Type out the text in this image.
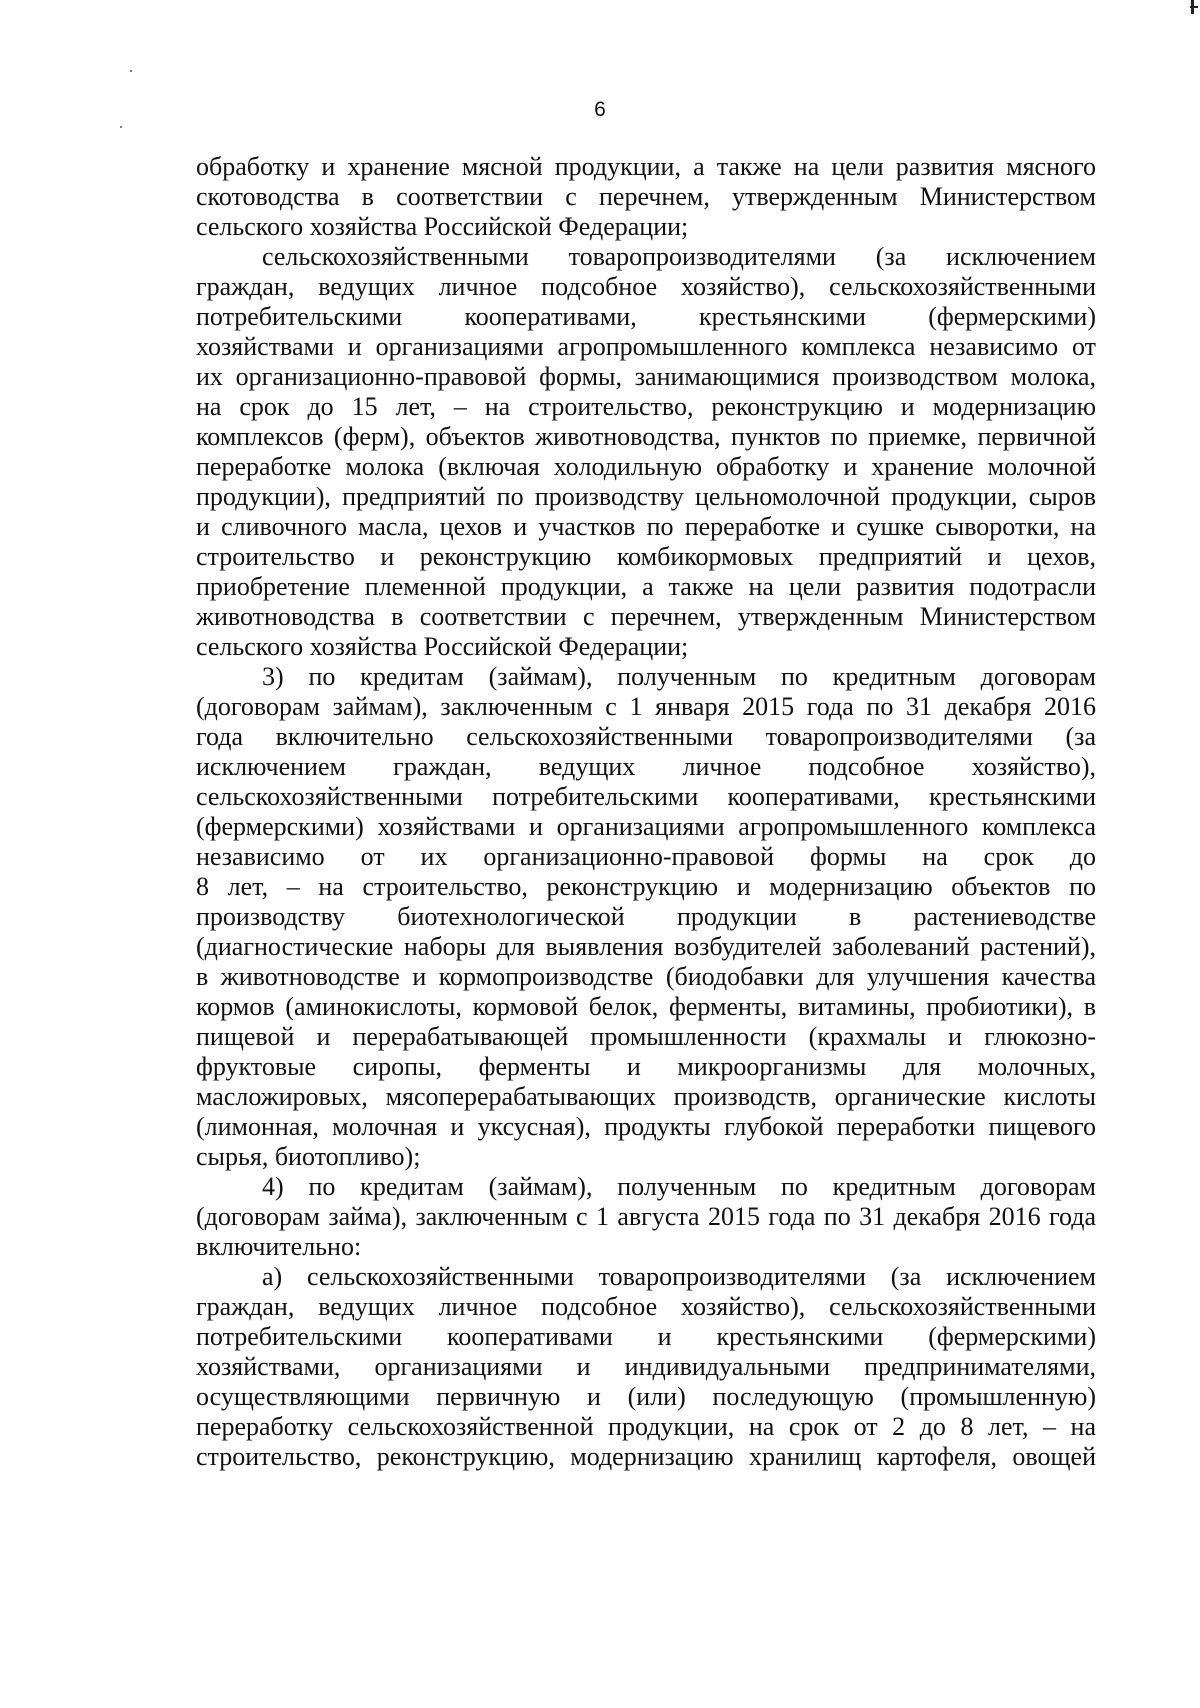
6
обработку и хранение мясной продукции, а также на цели развития мясного
скотоводства в соответствии с перечнем, утвержденным Министерством
сельского хозяйства Российской Федерации;
сельскохозяйственными товаропроизводителями (за исключением
граждан, ведущих личное подсобное хозяйство), сельскохозяйственными
потребительскими кооперативами, крестьянскими (фермерскими)
хозяйствами и организациями агропромышленного комплекса независимо от
их организационно-правовой формы, занимающимися производством молока,
на срок до 15 лет, – на строительство, реконструкцию и модернизацию
комплексов (ферм), объектов животноводства, пунктов по приемке, первичной
переработке молока (включая холодильную обработку и хранение молочной
продукции), предприятий по производству цельномолочной продукции, сыров
и сливочного масла, цехов и участков по переработке и сушке сыворотки, на
строительство и реконструкцию комбикормовых предприятий и цехов,
приобретение племенной продукции, а также на цели развития подотрасли
животноводства в соответствии с перечнем, утвержденным Министерством
сельского хозяйства Российской Федерации;
3) по кредитам (займам), полученным по кредитным договорам
(договорам займам), заключенным с 1 января 2015 года по 31 декабря 2016
года включительно сельскохозяйственными товаропроизводителями (за
исключением граждан, ведущих личное подсобное хозяйство),
сельскохозяйственными потребительскими кооперативами, крестьянскими
(фермерскими) хозяйствами и организациями агропромышленного комплекса
независимо от их организационно-правовой формы на срок до
8 лет, – на строительство, реконструкцию и модернизацию объектов по
производству биотехнологической продукции в растениеводстве
(диагностические наборы для выявления возбудителей заболеваний растений),
в животноводстве и кормопроизводстве (биодобавки для улучшения качества
кормов (аминокислоты, кормовой белок, ферменты, витамины, пробиотики), в
пищевой и перерабатывающей промышленности (крахмалы и глюкозно-
фруктовые сиропы, ферменты и микроорганизмы для молочных,
масложировых, мясоперерабатывающих производств, органические кислоты
(лимонная, молочная и уксусная), продукты глубокой переработки пищевого
сырья, биотопливо);
4) по кредитам (займам), полученным по кредитным договорам
(договорам займа), заключенным с 1 августа 2015 года по 31 декабря 2016 года
включительно:
а) сельскохозяйственными товаропроизводителями (за исключением
граждан, ведущих личное подсобное хозяйство), сельскохозяйственными
потребительскими кооперативами и крестьянскими (фермерскими)
хозяйствами, организациями и индивидуальными предпринимателями,
осуществляющими первичную и (или) последующую (промышленную)
переработку сельскохозяйственной продукции, на срок от 2 до 8 лет, – на
строительство, реконструкцию, модернизацию хранилищ картофеля, овощей
